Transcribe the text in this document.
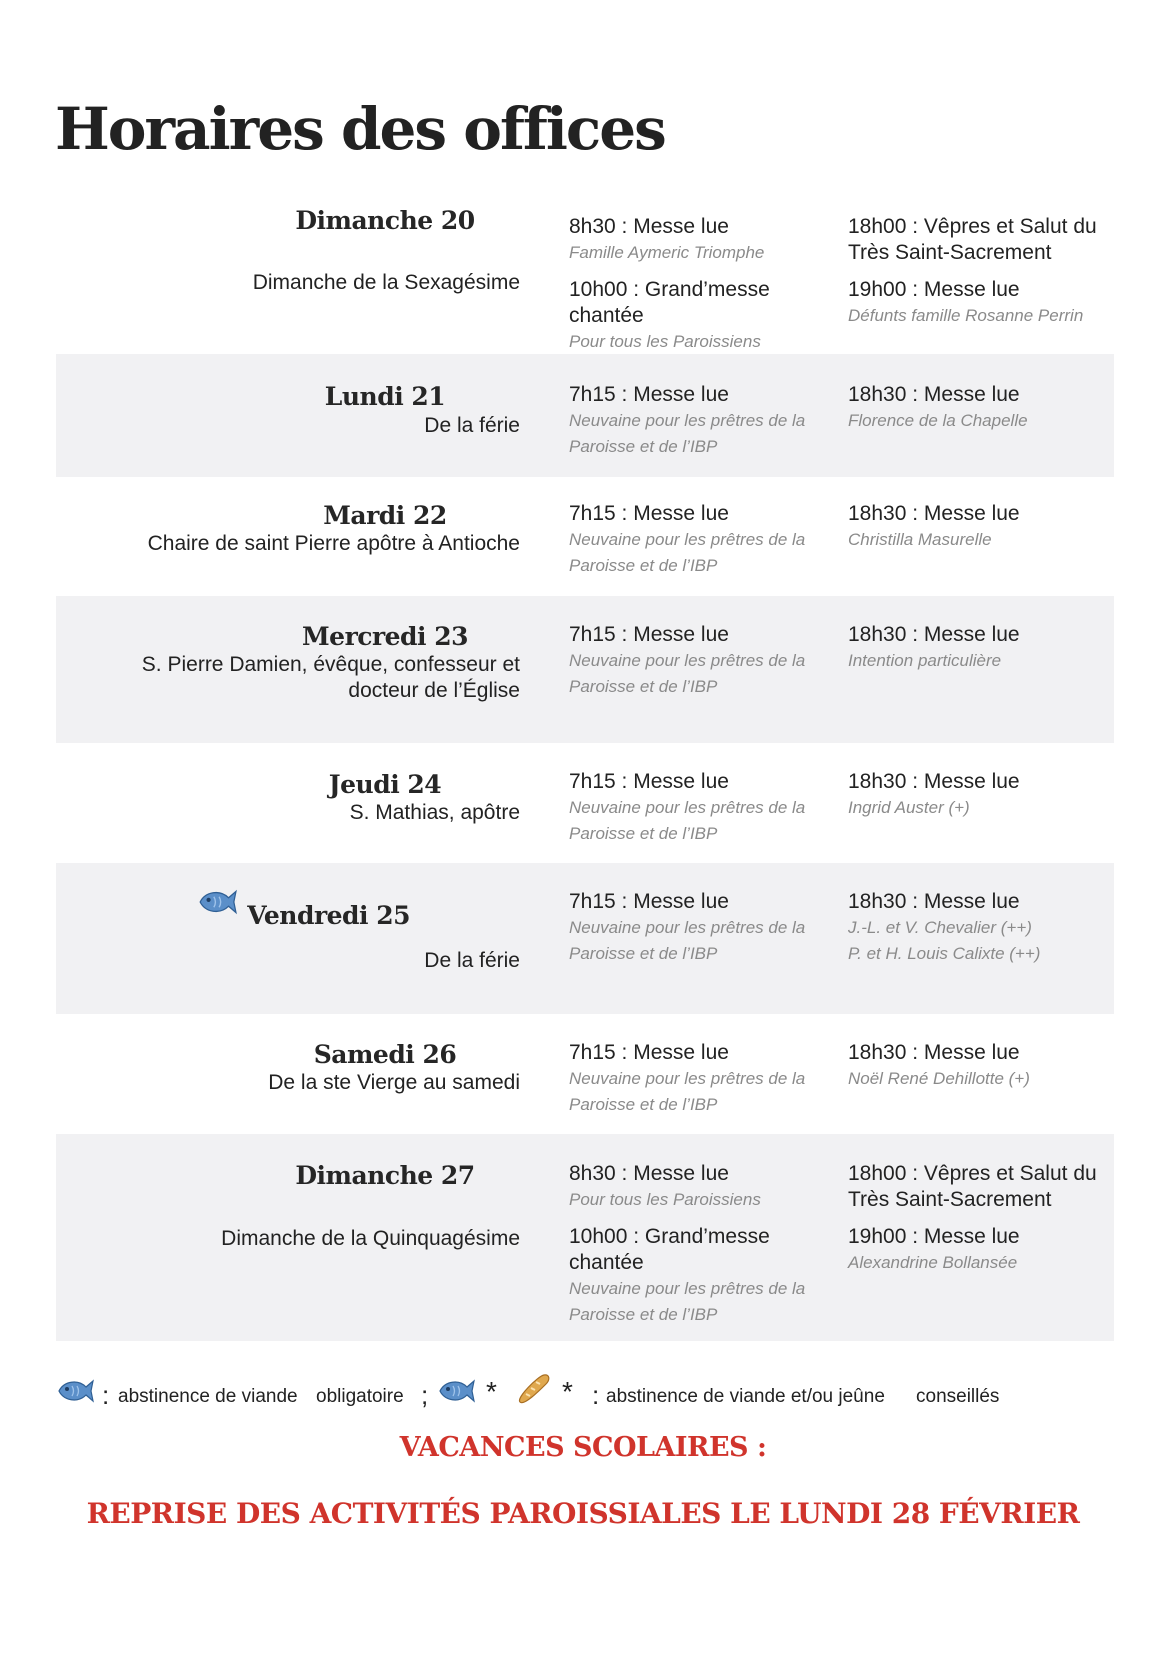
Horaires des offices
Dimanche 20
Dimanche de la Sexagésime
8h30 : Messe lue
Famille Aymeric Triomphe
10h00 : Grand’messe chantée
Pour tous les Paroissiens
18h00 : Vêpres et Salut du Très Saint-Sacrement
19h00 : Messe lue
Défunts famille Rosanne Perrin
Lundi 21
De la férie
7h15 : Messe lue
Neuvaine pour les prêtres de la Paroisse et de l’IBP
18h30 : Messe lue
Florence de la Chapelle
Mardi 22
Chaire de saint Pierre apôtre à Antioche
7h15 : Messe lue
Neuvaine pour les prêtres de la Paroisse et de l’IBP
18h30 : Messe lue
Christilla Masurelle
Mercredi 23
S. Pierre Damien, évêque, confesseur et docteur de l’Église
7h15 : Messe lue
Neuvaine pour les prêtres de la Paroisse et de l’IBP
18h30 : Messe lue
Intention particulière
Jeudi 24
S. Mathias, apôtre
7h15 : Messe lue
Neuvaine pour les prêtres de la Paroisse et de l’IBP
18h30 : Messe lue
Ingrid Auster (+)
Vendredi 25
De la férie
7h15 : Messe lue
Neuvaine pour les prêtres de la Paroisse et de l’IBP
18h30 : Messe lue
J.-L. et V. Chevalier (++)
P. et H. Louis Calixte (++)
Samedi 26
De la ste Vierge au samedi
7h15 : Messe lue
Neuvaine pour les prêtres de la Paroisse et de l’IBP
18h30 : Messe lue
Noël René Dehillotte (+)
Dimanche 27
Dimanche de la Quinquagésime
8h30 : Messe lue
Pour tous les Paroissiens
10h00 : Grand’messe chantée
Neuvaine pour les prêtres de la Paroisse et de l’IBP
18h00 : Vêpres et Salut du Très Saint-Sacrement
19h00 : Messe lue
Alexandrine Bollansée
: abstinence de viande obligatoire ; * * : abstinence de viande et/ou jeûne conseillés
VACANCES SCOLAIRES :
REPRISE DES ACTIVITÉS PAROISSIALES LE LUNDI 28 FÉVRIER
